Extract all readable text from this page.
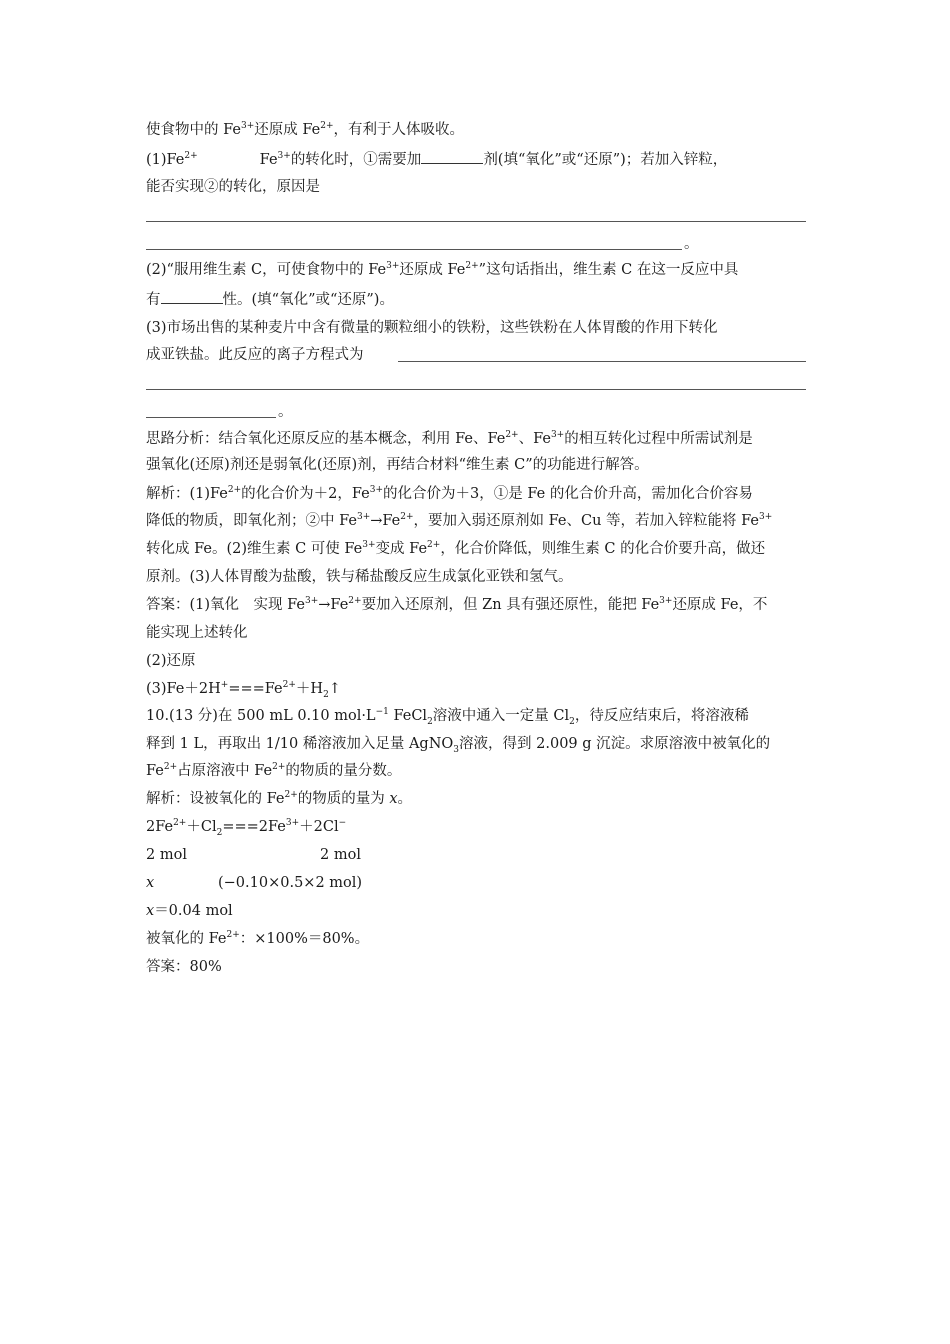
使食物中的 $Fe^{3+}$还原成 $Fe^{2+}$，有利于人体吸收。
$(1)Fe^{2+}$	$Fe^{3+}$的转化时，①需要加	剂(填“氧化”或“还原”)；若加入锌粒，
能否实现②的转化，原因是
。
(2)“服用维生素 C，可使食物中的 $Fe^{3+}$还原成 $Fe^{2+}$”这句话指出，维生素 C 在这一反应中具
有	性。(填“氧化”或“还原”)。
(3)市场出售的某种麦片中含有微量的颗粒细小的铁粉，这些铁粉在人体胃酸的作用下转化
成亚铁盐。此反应的离子方程式为
。
思路分析：结合氧化还原反应的基本概念，利用 Fe、$Fe^{2+}$、$Fe^{3+}$的相互转化过程中所需试剂是
强氧化(还原)剂还是弱氧化(还原)剂，再结合材料“维生素 C”的功能进行解答。
解析：$(1)Fe^{2+}$的化合价为＋2，$Fe^{3+}$的化合价为＋3，①是 Fe 的化合价升高，需加化合价容易
降低的物质，即氧化剂；②中 $Fe^{3+}\to Fe^{2+}$，要加入弱还原剂如 Fe、Cu 等，若加入锌粒能将 $Fe^{3+}$
转化成 Fe。(2)维生素 C 可使 $Fe^{3+}$变成 $Fe^{2+}$，化合价降低，则维生素 C 的化合价要升高，做还
原剂。(3)人体胃酸为盐酸，铁与稀盐酸反应生成氯化亚铁和氢气。
答案：(1)氧化　实现 $Fe^{3+}\to Fe^{2+}$要加入还原剂，但 Zn 具有强还原性，能把 $Fe^{3+}$还原成 Fe，不
能实现上述转化
(2)还原
$(3)Fe+2H^+===Fe^{2+}+H_2↑$
10.(13 分)在 500 mL 0.10 $mol\cdot L^{-1}$ FeCl$_2$溶液中通入一定量 $Cl_2$，待反应结束后，将溶液稀
释到 1 L，再取出 1/10 稀溶液加入足量 AgNO$_3$溶液，得到 2.009 g 沉淀。求原溶液中被氧化的
$Fe^{2+}$占原溶液中 $Fe^{2+}$的物质的量分数。
解析：设被氧化的 $Fe^{2+}$的物质的量为 x。
$2Fe^{2+}+Cl_2===2Fe^{3+}+2Cl^-$
2 mol	2 mol
x	(−0.10×0.5×2 mol)
x＝0.04 mol
被氧化的 $Fe^{2+}$：×100%＝80%。
答案：80%
